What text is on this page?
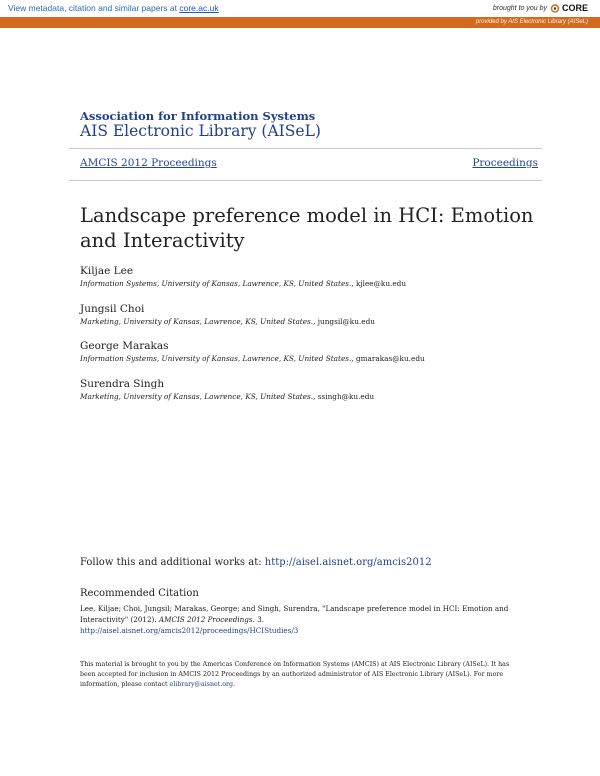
View metadata, citation and similar papers at core.ac.uk	brought to you by CORE
provided by AIS Electronic Library (AISeL)
Association for Information Systems
AIS Electronic Library (AISeL)
AMCIS 2012 Proceedings	Proceedings
Landscape preference model in HCI: Emotion and Interactivity
Kiljae Lee
Information Systems, University of Kansas, Lawrence, KS, United States., kjlee@ku.edu
Jungsil Choi
Marketing, University of Kansas, Lawrence, KS, United States., jungsil@ku.edu
George Marakas
Information Systems, University of Kansas, Lawrence, KS, United States., gmarakas@ku.edu
Surendra Singh
Marketing, University of Kansas, Lawrence, KS, United States., ssingh@ku.edu
Follow this and additional works at: http://aisel.aisnet.org/amcis2012
Recommended Citation
Lee, Kiljae; Choi, Jungsil; Marakas, George; and Singh, Surendra, "Landscape preference model in HCI: Emotion and Interactivity" (2012). AMCIS 2012 Proceedings. 3.
http://aisel.aisnet.org/amcis2012/proceedings/HCIStudies/3
This material is brought to you by the Americas Conference on Information Systems (AMCIS) at AIS Electronic Library (AISeL). It has been accepted for inclusion in AMCIS 2012 Proceedings by an authorized administrator of AIS Electronic Library (AISeL). For more information, please contact elibrary@aisnet.org.
